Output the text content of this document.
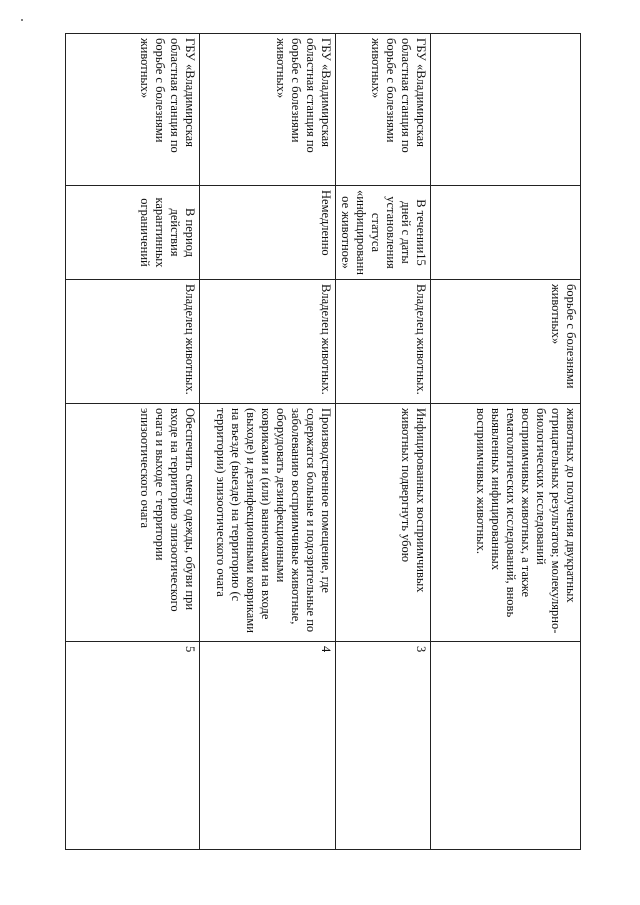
		борьбе с болезнями животных»	животных до получения двукратных отрицательных результатов; молекулярно-биологических исследований восприимчивых животных, а также гематологических исследований, вновь выявленных инфицированных восприимчивых животных.	
ГБУ «Владимирская областная станция по борьбе с болезнями животных»	В течении15 дней с даты установления статуса «инфицированное животное»	Владелец животных.	Инфицированных восприимчивых животных подвергнуть убою	3
ГБУ «Владимирская областная станция по борьбе с болезнями животных»	Немедленно	Владелец животных.	Производственное помещение, где содержатся больные и подозрительные по заболеванию восприимчивые животные, оборудовать дезинфекционными ковриками и (или) ванночками на входе (выходе) и дезинфекционными ковриками на въезде (выезде) на территорию (с территории) эпизоотического очага	4
ГБУ «Владимирская областная станция по борьбе с болезнями животных»	В период действия карантинных ограничений	Владелец животных.	Обеспечить смену одежды, обуви при входе на территорию эпизоотического очага и выходе с территории эпизоотического очага	5
